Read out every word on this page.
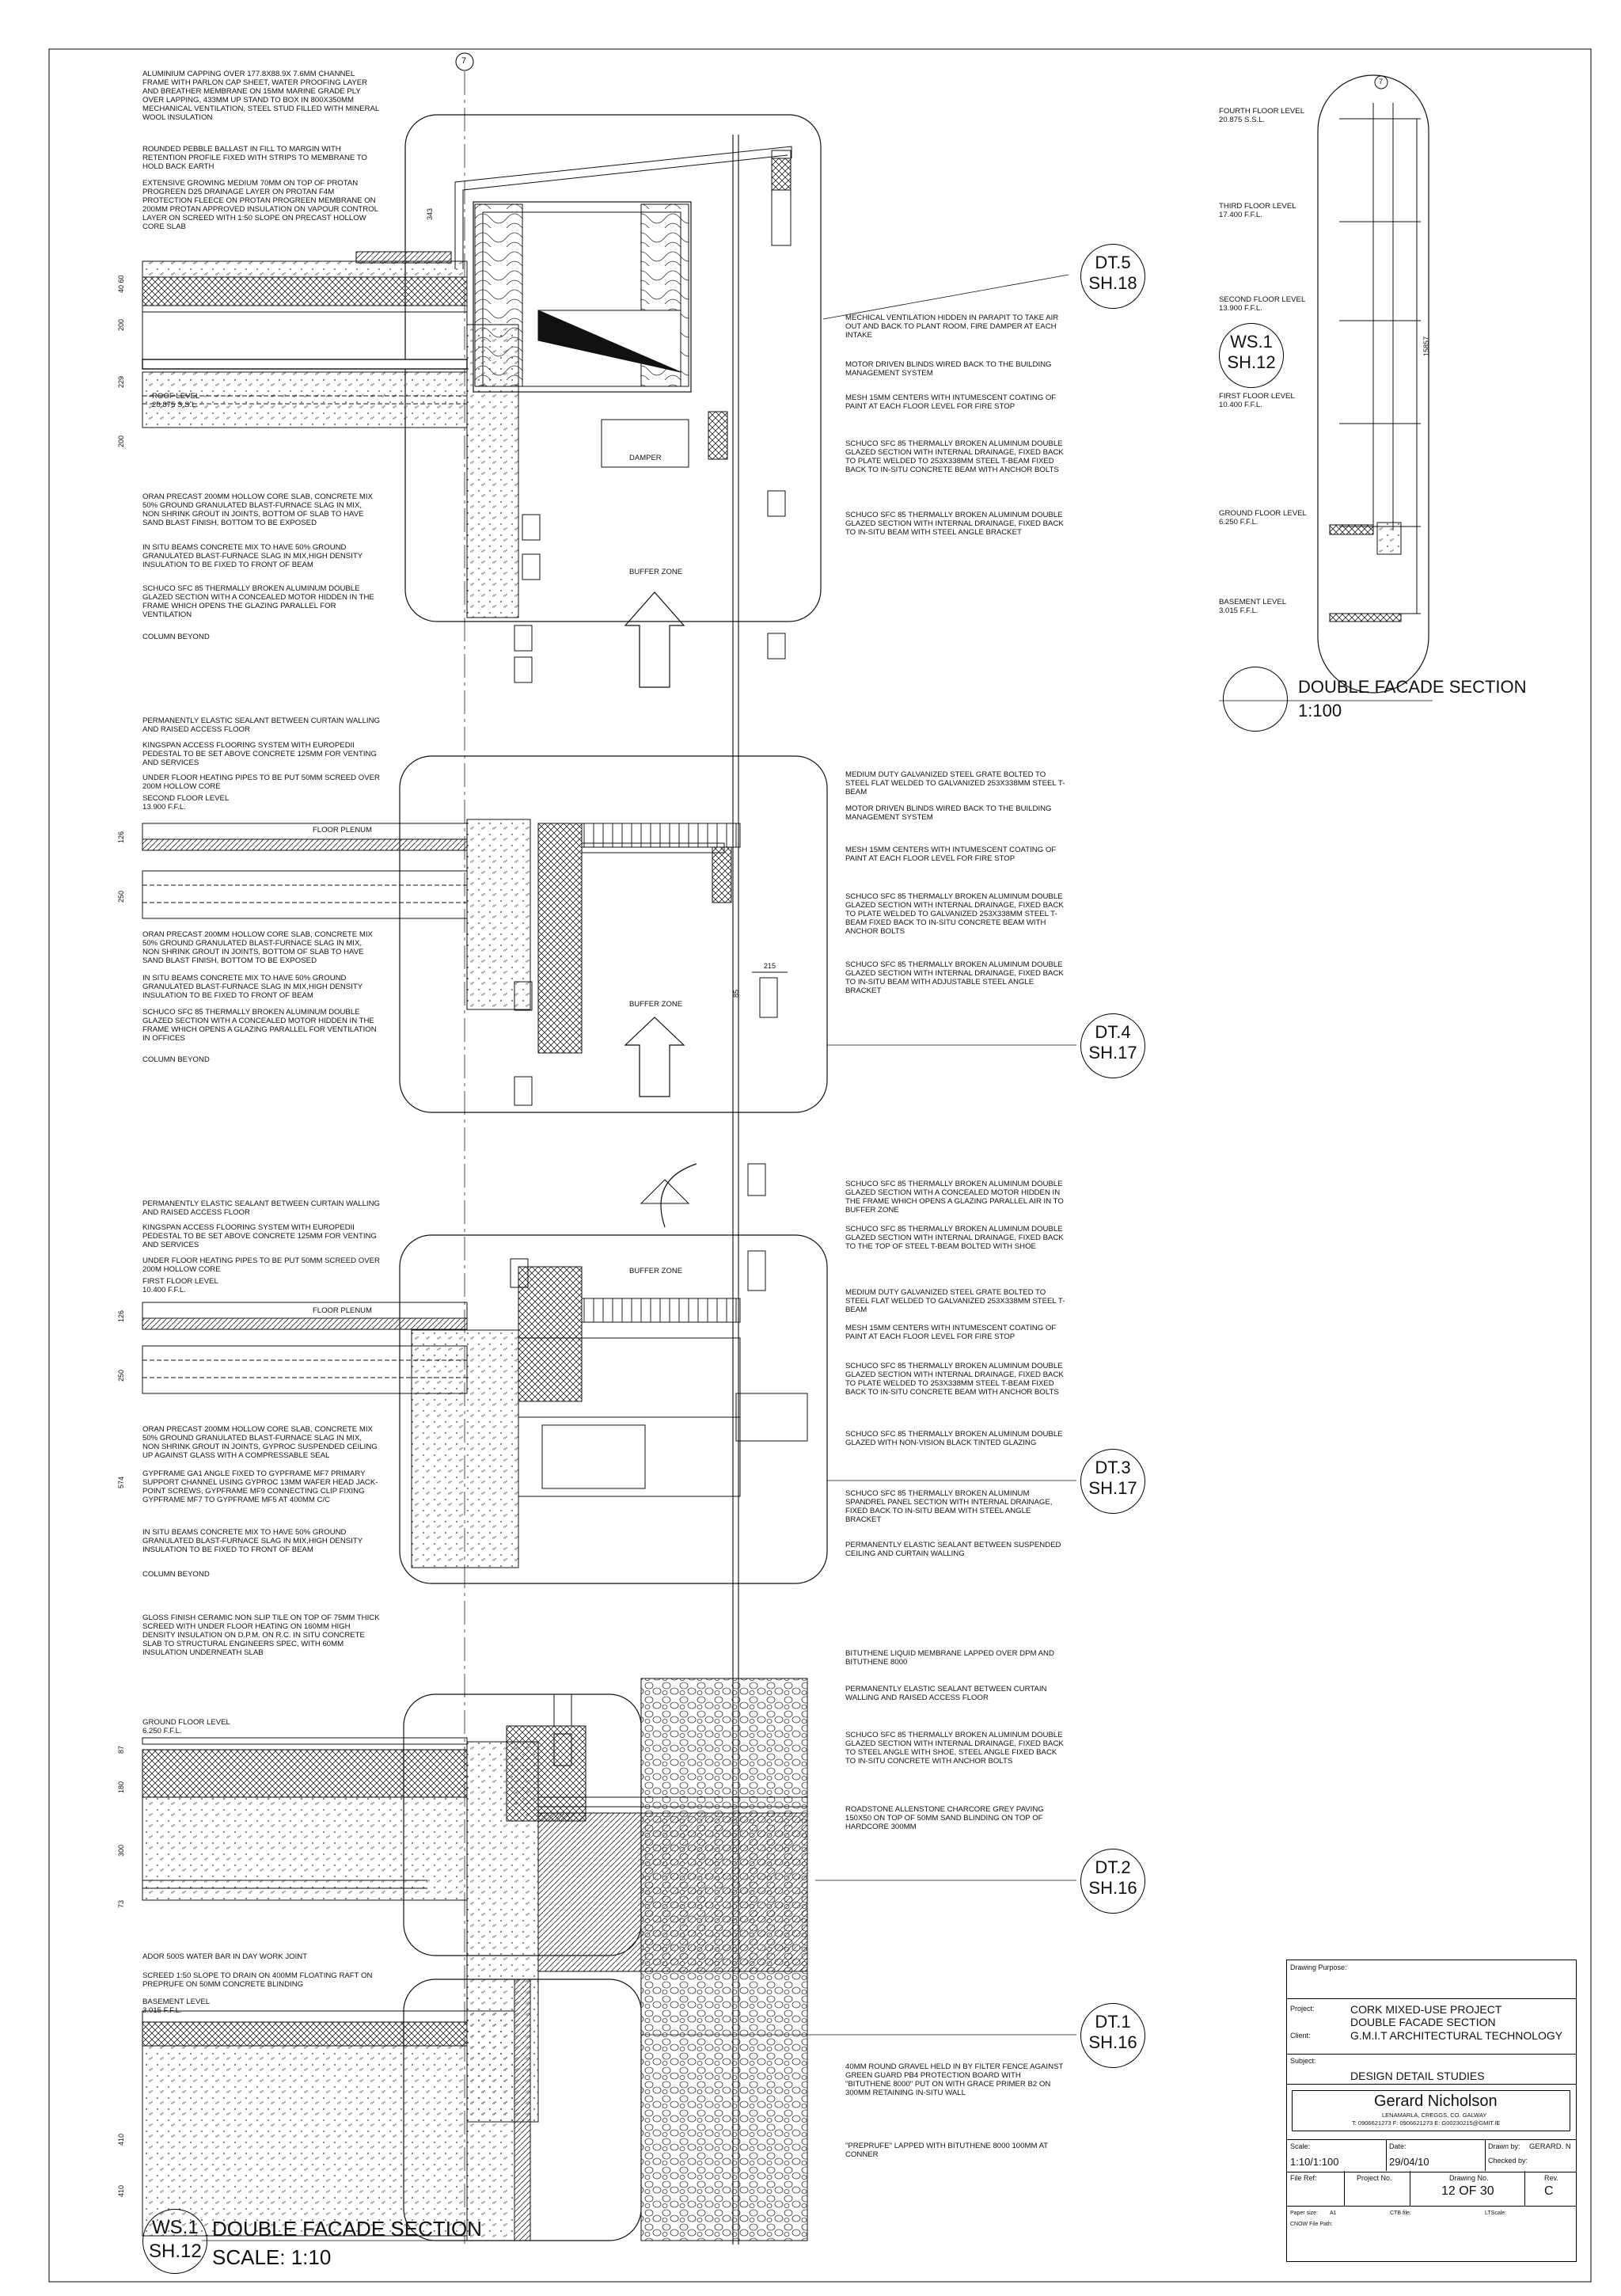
DT.5
SH.18
DT.4
SH.17
DT.3
SH.17
DT.2
SH.16
DT.1
SH.16
WS.1
SH.12
7
7
DOUBLE FACADE SECTION
1:100
WS.1
SH.12
DOUBLE FACADE SECTION
SCALE: 1:10
FOURTH FLOOR LEVEL
20.875 S.S.L.
THIRD FLOOR LEVEL
17.400 F.F.L.
SECOND FLOOR LEVEL
13.900 F.F.L.
FIRST FLOOR LEVEL
10.400 F.F.L.
GROUND FLOOR LEVEL
6.250 F.F.L.
BASEMENT LEVEL
3.015 F.F.L.
15857
ROOF LEVEL
20.875 S.S.L.
SECOND FLOOR LEVEL
13.900 F.F.L.
FIRST FLOOR LEVEL
10.400 F.F.L.
GROUND FLOOR LEVEL
6.250 F.F.L.
BASEMENT LEVEL
3.015 F.F.L.
DAMPER
BUFFER ZONE
BUFFER ZONE
BUFFER ZONE
FLOOR PLENUM
FLOOR PLENUM
343
40 60
200
229
200
126
250
215
85
126
250
574
87
180
300
73
410
410
ALUMINIUM CAPPING OVER 177.8X88.9X 7.6MM CHANNEL FRAME WITH PARLON CAP SHEET, WATER PROOFING LAYER AND BREATHER MEMBRANE ON 15MM MARINE GRADE PLY OVER LAPPING, 433MM UP STAND TO BOX IN 800X350MM MECHANICAL VENTILATION, STEEL STUD FILLED WITH MINERAL WOOL INSULATION
ROUNDED PEBBLE BALLAST IN FILL TO MARGIN WITH RETENTION PROFILE FIXED WITH STRIPS TO MEMBRANE TO HOLD BACK EARTH
EXTENSIVE GROWING MEDIUM 70MM ON TOP OF PROTAN PROGREEN D25 DRAINAGE LAYER ON PROTAN F4M PROTECTION FLEECE ON PROTAN PROGREEN MEMBRANE ON 200MM PROTAN APPROVED INSULATION ON VAPOUR CONTROL LAYER ON SCREED WITH 1:50 SLOPE ON PRECAST HOLLOW CORE SLAB
ORAN PRECAST 200MM HOLLOW CORE SLAB, CONCRETE MIX 50% GROUND GRANULATED BLAST-FURNACE SLAG IN MIX, NON SHRINK GROUT IN JOINTS, BOTTOM OF SLAB TO HAVE SAND BLAST FINISH, BOTTOM TO BE EXPOSED
IN SITU BEAMS CONCRETE MIX TO HAVE 50% GROUND GRANULATED BLAST-FURNACE SLAG IN MIX,HIGH DENSITY INSULATION TO BE FIXED TO FRONT OF BEAM
SCHUCO SFC 85 THERMALLY BROKEN ALUMINUM DOUBLE GLAZED SECTION WITH A CONCEALED MOTOR HIDDEN IN THE FRAME WHICH OPENS THE GLAZING PARALLEL FOR VENTILATION
COLUMN BEYOND
PERMANENTLY ELASTIC SEALANT BETWEEN CURTAIN WALLING AND RAISED ACCESS FLOOR
KINGSPAN ACCESS FLOORING SYSTEM WITH EUROPEDII PEDESTAL TO BE SET ABOVE CONCRETE 125MM FOR VENTING AND SERVICES
UNDER FLOOR HEATING PIPES TO BE PUT 50MM SCREED OVER 200M HOLLOW CORE
ORAN PRECAST 200MM HOLLOW CORE SLAB, CONCRETE MIX 50% GROUND GRANULATED BLAST-FURNACE SLAG IN MIX, NON SHRINK GROUT IN JOINTS, BOTTOM OF SLAB TO HAVE SAND BLAST FINISH, BOTTOM TO BE EXPOSED
IN SITU BEAMS CONCRETE MIX TO HAVE 50% GROUND GRANULATED BLAST-FURNACE SLAG IN MIX,HIGH DENSITY INSULATION TO BE FIXED TO FRONT OF BEAM
SCHUCO SFC 85 THERMALLY BROKEN ALUMINUM DOUBLE GLAZED SECTION WITH A CONCEALED MOTOR HIDDEN IN THE FRAME WHICH OPENS A GLAZING PARALLEL FOR VENTILATION IN OFFICES
COLUMN BEYOND
PERMANENTLY ELASTIC SEALANT BETWEEN CURTAIN WALLING AND RAISED ACCESS FLOOR
KINGSPAN ACCESS FLOORING SYSTEM WITH EUROPEDII PEDESTAL TO BE SET ABOVE CONCRETE 125MM FOR VENTING AND SERVICES
UNDER FLOOR HEATING PIPES TO BE PUT 50MM SCREED OVER 200M HOLLOW CORE
ORAN PRECAST 200MM HOLLOW CORE SLAB, CONCRETE MIX 50% GROUND GRANULATED BLAST-FURNACE SLAG IN MIX, NON SHRINK GROUT IN JOINTS, GYPROC SUSPENDED CEILING UP AGAINST GLASS WITH A COMPRESSABLE SEAL
GYPFRAME GA1 ANGLE FIXED TO GYPFRAME MF7 PRIMARY SUPPORT CHANNEL USING GYPROC 13MM WAFER HEAD JACK-POINT SCREWS, GYPFRAME MF9 CONNECTING CLIP FIXING GYPFRAME MF7 TO GYPFRAME MF5 AT 400MM C/C
IN SITU BEAMS CONCRETE MIX TO HAVE 50% GROUND GRANULATED BLAST-FURNACE SLAG IN MIX,HIGH DENSITY INSULATION TO BE FIXED TO FRONT OF BEAM
COLUMN BEYOND
GLOSS FINISH CERAMIC NON SLIP TILE ON TOP OF 75MM THICK SCREED WITH UNDER FLOOR HEATING ON 160MM HIGH DENSITY INSULATION ON D.P.M. ON R.C. IN SITU CONCRETE SLAB TO STRUCTURAL ENGINEERS SPEC, WITH 60MM INSULATION UNDERNEATH SLAB
ADOR 500S WATER BAR IN DAY WORK JOINT
SCREED 1:50 SLOPE TO DRAIN ON 400MM FLOATING RAFT ON PREPRUFE ON 50MM CONCRETE BLINDING
MECHICAL VENTILATION HIDDEN IN PARAPIT TO TAKE AIR OUT AND BACK TO PLANT ROOM, FIRE DAMPER AT EACH INTAKE
MOTOR DRIVEN BLINDS WIRED BACK TO THE BUILDING MANAGEMENT SYSTEM
MESH 15MM CENTERS WITH INTUMESCENT COATING OF PAINT AT EACH FLOOR LEVEL FOR FIRE STOP
SCHUCO SFC 85 THERMALLY BROKEN ALUMINUM DOUBLE GLAZED SECTION WITH INTERNAL DRAINAGE, FIXED BACK TO PLATE WELDED TO 253X338MM STEEL T-BEAM FIXED BACK TO IN-SITU CONCRETE BEAM WITH ANCHOR BOLTS
SCHUCO SFC 85 THERMALLY BROKEN ALUMINUM DOUBLE GLAZED SECTION WITH INTERNAL DRAINAGE, FIXED BACK TO IN-SITU BEAM WITH STEEL ANGLE BRACKET
MEDIUM DUTY GALVANIZED STEEL GRATE BOLTED TO STEEL FLAT WELDED TO GALVANIZED 253X338MM STEEL T-BEAM
MOTOR DRIVEN BLINDS WIRED BACK TO THE BUILDING MANAGEMENT SYSTEM
MESH 15MM CENTERS WITH INTUMESCENT COATING OF PAINT AT EACH FLOOR LEVEL FOR FIRE STOP
SCHUCO SFC 85 THERMALLY BROKEN ALUMINUM DOUBLE GLAZED SECTION WITH INTERNAL DRAINAGE, FIXED BACK TO PLATE WELDED TO GALVANIZED 253X338MM STEEL T-BEAM FIXED BACK TO IN-SITU CONCRETE BEAM WITH ANCHOR BOLTS
SCHUCO SFC 85 THERMALLY BROKEN ALUMINUM DOUBLE GLAZED SECTION WITH INTERNAL DRAINAGE, FIXED BACK TO IN-SITU BEAM WITH ADJUSTABLE STEEL ANGLE BRACKET
SCHUCO SFC 85 THERMALLY BROKEN ALUMINUM DOUBLE GLAZED SECTION WITH A CONCEALED MOTOR HIDDEN IN THE FRAME WHICH OPENS A GLAZING PARALLEL AIR IN TO BUFFER ZONE
SCHUCO SFC 85 THERMALLY BROKEN ALUMINUM DOUBLE GLAZED SECTION WITH INTERNAL DRAINAGE, FIXED BACK TO THE TOP OF STEEL T-BEAM BOLTED WITH SHOE
MEDIUM DUTY GALVANIZED STEEL GRATE BOLTED TO STEEL FLAT WELDED TO GALVANIZED 253X338MM STEEL T-BEAM
MESH 15MM CENTERS WITH INTUMESCENT COATING OF PAINT AT EACH FLOOR LEVEL FOR FIRE STOP
SCHUCO SFC 85 THERMALLY BROKEN ALUMINUM DOUBLE GLAZED SECTION WITH INTERNAL DRAINAGE, FIXED BACK TO PLATE WELDED TO 253X338MM STEEL T-BEAM FIXED BACK TO IN-SITU CONCRETE BEAM WITH ANCHOR BOLTS
SCHUCO SFC 85 THERMALLY BROKEN ALUMINUM DOUBLE GLAZED WITH NON-VISION BLACK TINTED GLAZING
SCHUCO SFC 85 THERMALLY BROKEN ALUMINUM SPANDREL PANEL SECTION WITH INTERNAL DRAINAGE, FIXED BACK TO IN-SITU BEAM WITH STEEL ANGLE BRACKET
PERMANENTLY ELASTIC SEALANT BETWEEN SUSPENDED CEILING AND CURTAIN WALLING
BITUTHENE LIQUID MEMBRANE LAPPED OVER DPM AND BITUTHENE 8000
PERMANENTLY ELASTIC SEALANT BETWEEN CURTAIN WALLING AND RAISED ACCESS FLOOR
SCHUCO SFC 85 THERMALLY BROKEN ALUMINUM DOUBLE GLAZED SECTION WITH INTERNAL DRAINAGE, FIXED BACK TO STEEL ANGLE WITH SHOE, STEEL ANGLE FIXED BACK TO IN-SITU CONCRETE WITH ANCHOR BOLTS
ROADSTONE ALLENSTONE CHARCORE GREY PAVING 150X50 ON TOP OF 50MM SAND BLINDING ON TOP OF HARDCORE 300MM
40MM ROUND GRAVEL HELD IN BY FILTER FENCE AGAINST GREEN GUARD PB4 PROTECTION BOARD WITH "BITUTHENE 8000" PUT ON WITH GRACE PRIMER B2 ON 300MM RETAINING IN-SITU WALL
"PREPRUFE" LAPPED WITH BITUTHENE 8000 100MM AT CONNER
Drawing Purpose:
Project:	CORK MIXED-USE PROJECT
DOUBLE FACADE SECTION
Client:	G.M.I.T ARCHITECTURAL TECHNOLOGY
Subject:
DESIGN DETAIL STUDIES
Gerard Nicholson
LENAMARLA, CREGGS, CO. GALWAY
T: 0906621273 F: 0906621273 E: G00230215@GMIT.IE
Scale:
1:10/1:100
Date:
29/04/10
Drawn by: GERARD. N
Checked by:
File Ref:	Project No.	Drawing No.
12 OF 30
Rev.
C
Paper size: A1	CTB file:	LTScale:
CNOW File Path:
